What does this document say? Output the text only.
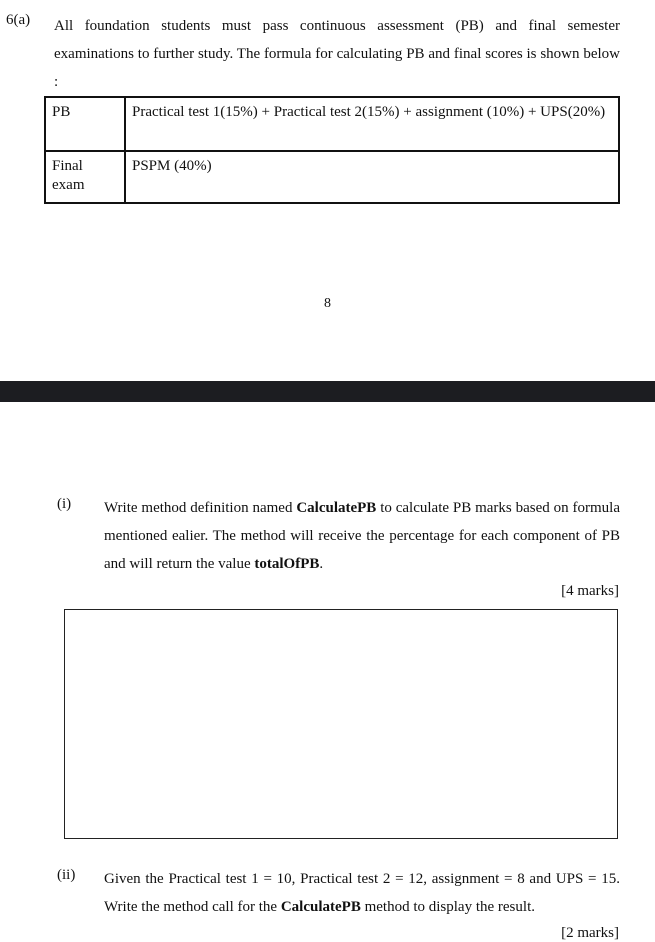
6(a) All foundation students must pass continuous assessment (PB) and final semester examinations to further study. The formula for calculating PB and final scores is shown below :
PB	Practical test 1(15%) + Practical test 2(15%) + assignment (10%) + UPS(20%)
Final exam	PSPM (40%)
8
(i) Write method definition named CalculatePB to calculate PB marks based on formula mentioned ealier. The method will receive the percentage for each component of PB and will return the value totalOfPB.
[4 marks]
(ii) Given the Practical test 1 = 10, Practical test 2 = 12, assignment = 8 and UPS = 15. Write the method call for the CalculatePB method to display the result.
[2 marks]
